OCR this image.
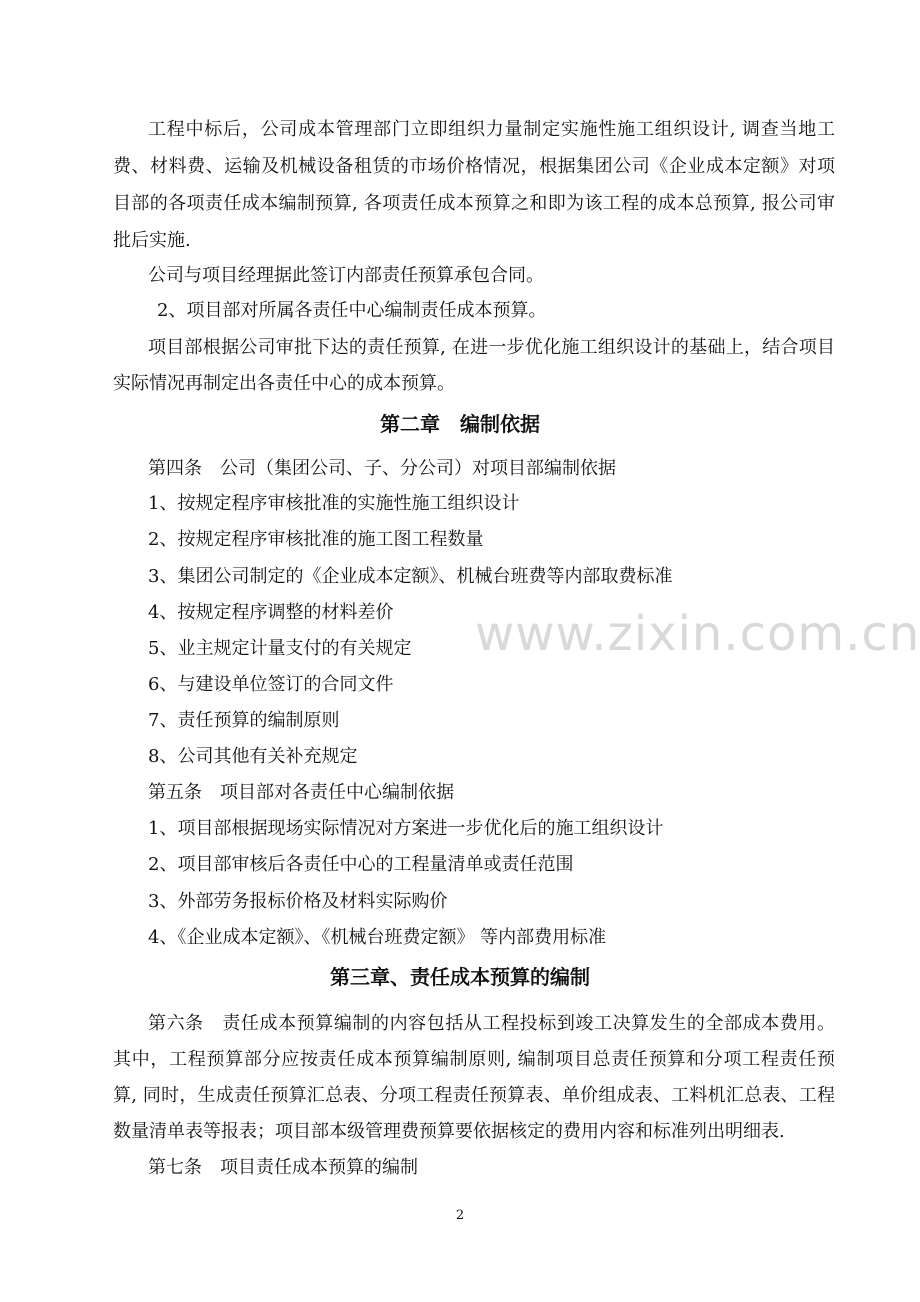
www.zixin.com.cn
工程中标后，公司成本管理部门立即组织力量制定实施性施工组织设计, 调查当地工
费、材料费、运输及机械设备租赁的市场价格情况，根据集团公司《企业成本定额》对项
目部的各项责任成本编制预算, 各项责任成本预算之和即为该工程的成本总预算, 报公司审
批后实施.
公司与项目经理据此签订内部责任预算承包合同。
2、项目部对所属各责任中心编制责任成本预算。
项目部根据公司审批下达的责任预算, 在进一步优化施工组织设计的基础上，结合项目
实际情况再制定出各责任中心的成本预算。
第二章　编制依据
第四条　公司（集团公司、子、分公司）对项目部编制依据
1、按规定程序审核批准的实施性施工组织设计
2、按规定程序审核批准的施工图工程数量
3、集团公司制定的《企业成本定额》、机械台班费等内部取费标准
4、按规定程序调整的材料差价
5、业主规定计量支付的有关规定
6、与建设单位签订的合同文件
7、责任预算的编制原则
8、公司其他有关补充规定
第五条　项目部对各责任中心编制依据
1、项目部根据现场实际情况对方案进一步优化后的施工组织设计
2、项目部审核后各责任中心的工程量清单或责任范围
3、外部劳务报标价格及材料实际购价
4、《企业成本定额》、《机械台班费定额》 等内部费用标准
第三章、责任成本预算的编制
第六条　责任成本预算编制的内容包括从工程投标到竣工决算发生的全部成本费用。
其中，工程预算部分应按责任成本预算编制原则, 编制项目总责任预算和分项工程责任预
算, 同时，生成责任预算汇总表、分项工程责任预算表、单价组成表、工料机汇总表、工程
数量清单表等报表；项目部本级管理费预算要依据核定的费用内容和标准列出明细表.
第七条　项目责任成本预算的编制
2
